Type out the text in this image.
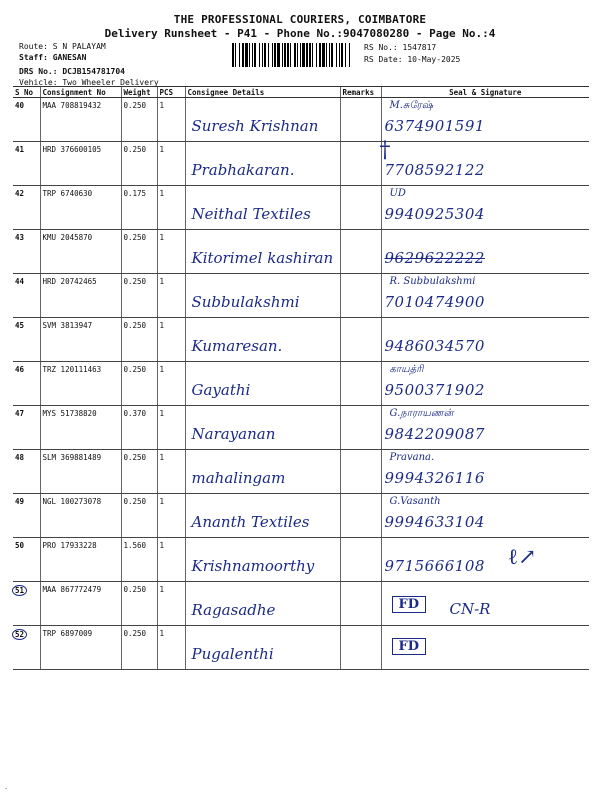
THE PROFESSIONAL COURIERS, COIMBATORE
Delivery Runsheet - P41 - Phone No.:9047080280 - Page No.:4
Route: S N PALAYAM
Staff: GANESAN
DRS No.: DCJB154781704
Vehicle: Two Wheeler Delivery
RS No.: 1547817
RS Date: 10-May-2025
S No	Consignment No	Weight	PCS	Consignee Details	Remarks	Seal & Signature
40	MAA 708819432	0.250	1	Suresh Krishnan		M.சுரேஷ்
6374901591

41	HRD 376600105	0.250	1	Prabhakaran.		7708592122
†

42	TRP 6740630	0.175	1	Neithal Textiles		UD
9940925304

43	KMU 2045870	0.250	1	Kitorimel kashiran		9629622222

44	HRD 20742465	0.250	1	Subbulakshmi		R. Subbulakshmi
7010474900

45	SVM 3813947	0.250	1	Kumaresan.		9486034570

46	TRZ 120111463	0.250	1	Gayathi		காயத்ரி
9500371902

47	MYS 51738820	0.370	1	Narayanan		G.நாராயணன்
9842209087

48	SLM 369881489	0.250	1	mahalingam		Pravana.
9994326116

49	NGL 100273078	0.250	1	Ananth Textiles		G.Vasanth
9994633104

50	PRO 17933228	1.560	1	Krishnamoorthy		9715666108 ℓ↗

51	MAA 867772479	0.250	1	Ragasadhe		FD CN-R

52	TRP 6897009	0.250	1	Pugalenthi		FD
·
